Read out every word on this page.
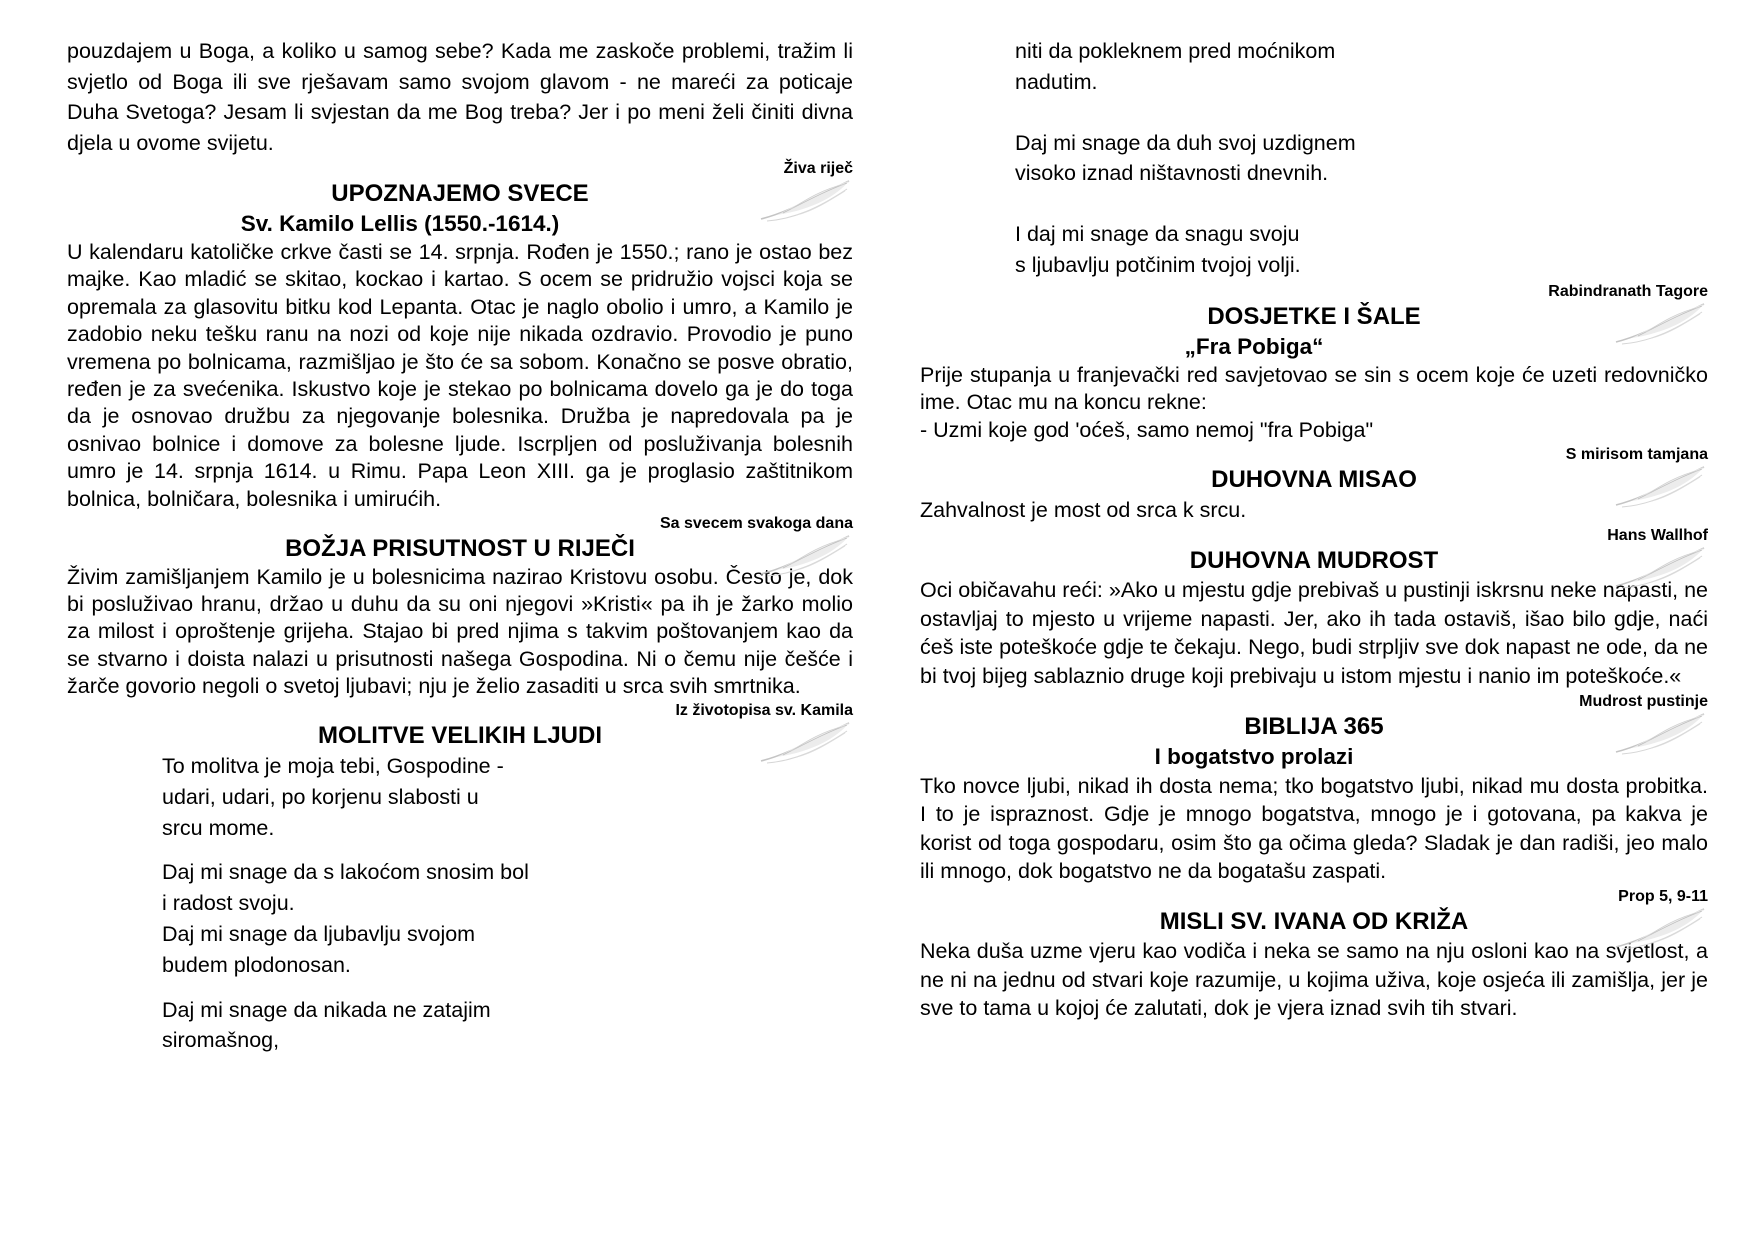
pouzdajem u Boga, a koliko u samog sebe? Kada me zaskoče problemi, tražim li svjetlo od Boga ili sve rješavam samo svojom glavom - ne mareći za poticaje Duha Svetoga? Jesam li svjestan da me Bog treba? Jer i po meni želi činiti divna djela u ovome svijetu.

Živa riječ
UPOZNAJEMO SVECE
Sv. Kamilo Lellis (1550.-1614.)

U kalendaru katoličke crkve časti se 14. srpnja. Rođen je 1550.; rano je ostao bez majke. Kao mladić se skitao, kockao i kartao. S ocem se pridružio vojsci koja se opremala za glasovitu bitku kod Lepanta. Otac je naglo obolio i umro, a Kamilo je zadobio neku tešku ranu na nozi od koje nije nikada ozdravio. Provodio je puno vremena po bolnicama, razmišljao je što će sa sobom. Konačno se posve obratio, ređen je za svećenika. Iskustvo koje je stekao po bolnicama dovelo ga je do toga da je osnovao družbu za njegovanje bolesnika. Družba je napredovala pa je osnivao bolnice i domove za bolesne ljude. Iscrpljen od posluživanja bolesnih umro je 14. srpnja 1614. u Rimu. Papa Leon XIII. ga je proglasio zaštitnikom bolnica, bolničara, bolesnika i umirućih.

Sa svecem svakoga dana
BOŽJA PRISUTNOST U RIJEČI

Živim zamišljanjem Kamilo je u bolesnicima nazirao Kristovu osobu. Često je, dok bi posluživao hranu, držao u duhu da su oni njegovi »Kristi« pa ih je žarko molio za milost i oproštenje grijeha. Stajao bi pred njima s takvim poštovanjem kao da se stvarno i doista nalazi u prisutnosti našega Gospodina. Ni o čemu nije češće i žarče govorio negoli o svetoj ljubavi; nju je želio zasaditi u srca svih smrtnika.

Iz životopisa sv. Kamila
MOLITVE VELIKIH LJUDI
To molitva je moja tebi, Gospodine -
udari, udari, po korjenu slabosti u
srcu mome.
Daj mi snage da s lakoćom snosim bol
i radost svoju.
Daj mi snage da ljubavlju svojom
budem plodonosan.
Daj mi snage da nikada ne zatajim
siromašnog,
niti da pokleknem pred moćnikom
nadutim.
Daj mi snage da duh svoj uzdignem
visoko iznad ništavnosti dnevnih.
I daj mi snage da snagu svoju
s ljubavlju potčinim tvojoj volji.
Rabindranath Tagore
DOSJETKE I ŠALE
„Fra Pobiga“

Prije stupanja u franjevački red savjetovao se sin s ocem koje će uzeti redovničko ime. Otac mu na koncu rekne:

- Uzmi koje god 'oćeš, samo nemoj "fra Pobiga"

S mirisom tamjana
DUHOVNA MISAO

Zahvalnost je most od srca k srcu.

Hans Wallhof
DUHOVNA MUDROST

Oci običavahu reći: »Ako u mjestu gdje prebivaš u pustinji iskrsnu neke napasti, ne ostavljaj to mjesto u vrijeme napasti. Jer, ako ih tada ostaviš, išao bilo gdje, naći ćeš iste poteškoće gdje te čekaju. Nego, budi strpljiv sve dok napast ne ode, da ne bi tvoj bijeg sablaznio druge koji prebivaju u istom mjestu i nanio im poteškoće.«

Mudrost pustinje
BIBLIJA 365
I bogatstvo prolazi

Tko novce ljubi, nikad ih dosta nema; tko bogatstvo ljubi, nikad mu dosta probitka. I to je ispraznost. Gdje je mnogo bogatstva, mnogo je i gotovana, pa kakva je korist od toga gospodaru, osim što ga očima gleda? Sladak je dan radiši, jeo malo ili mnogo, dok bogatstvo ne da bogatašu zaspati.

Prop 5, 9-11
MISLI SV. IVANA OD KRIŽA

Neka duša uzme vjeru kao vodiča i neka se samo na nju osloni kao na svjetlost, a ne ni na jednu od stvari koje razumije, u kojima uživa, koje osjeća ili zamišlja, jer je sve to tama u kojoj će zalutati, dok je vjera iznad svih tih stvari.
